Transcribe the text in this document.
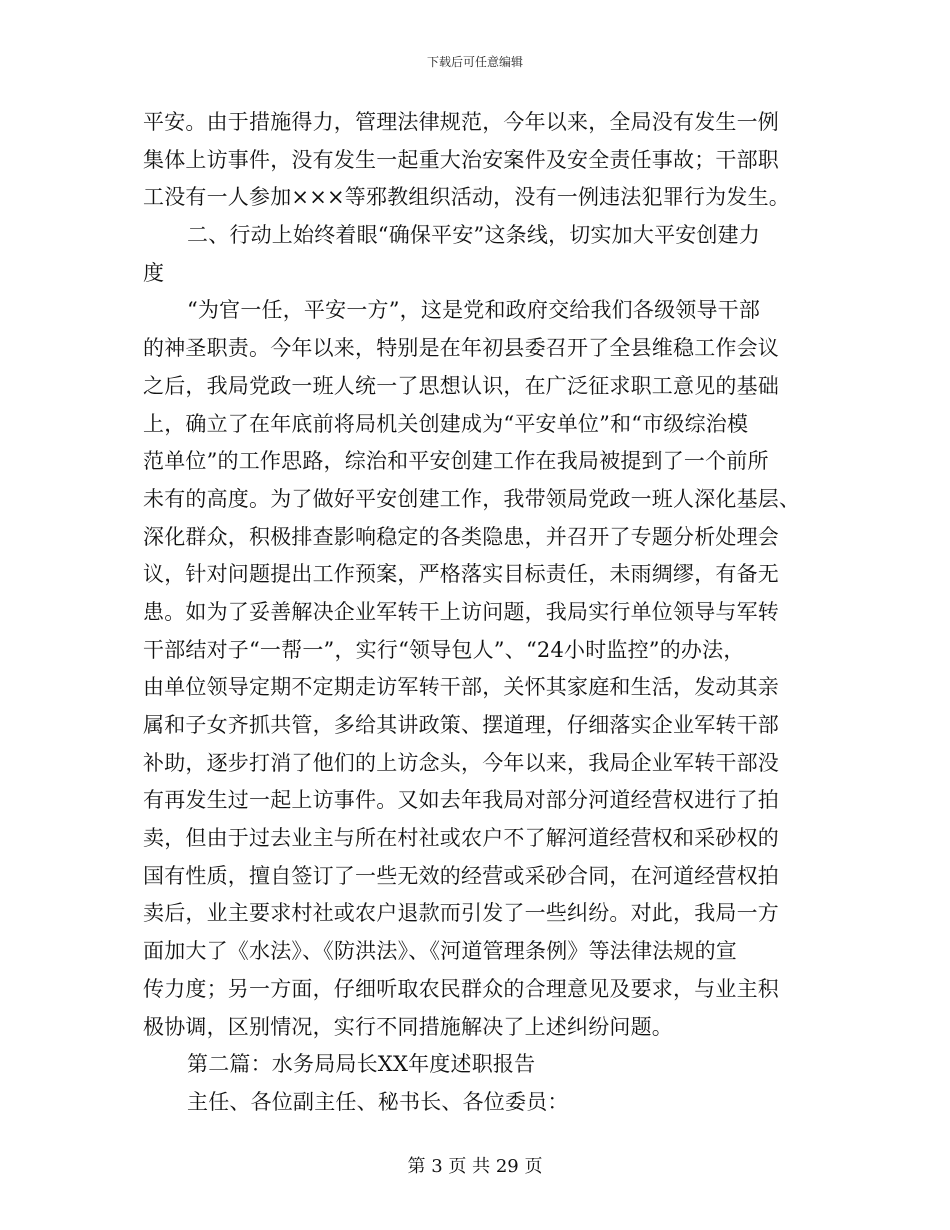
下载后可任意编辑
平安。由于措施得力，管理法律规范，今年以来，全局没有发生一例
集体上访事件，没有发生一起重大治安案件及安全责任事故；干部职
工没有一人参加×××等邪教组织活动，没有一例违法犯罪行为发生。
二、行动上始终着眼“确保平安”这条线，切实加大平安创建力
度
“为官一任，平安一方”，这是党和政府交给我们各级领导干部
的神圣职责。今年以来，特别是在年初县委召开了全县维稳工作会议
之后，我局党政一班人统一了思想认识，在广泛征求职工意见的基础
上，确立了在年底前将局机关创建成为“平安单位”和“市级综治模
范单位”的工作思路，综治和平安创建工作在我局被提到了一个前所
未有的高度。为了做好平安创建工作，我带领局党政一班人深化基层、
深化群众，积极排查影响稳定的各类隐患，并召开了专题分析处理会
议，针对问题提出工作预案，严格落实目标责任，未雨绸缪，有备无
患。如为了妥善解决企业军转干上访问题，我局实行单位领导与军转
干部结对子“一帮一”，实行“领导包人”、“24小时监控”的办法，
由单位领导定期不定期走访军转干部，关怀其家庭和生活，发动其亲
属和子女齐抓共管，多给其讲政策、摆道理，仔细落实企业军转干部
补助，逐步打消了他们的上访念头，今年以来，我局企业军转干部没
有再发生过一起上访事件。又如去年我局对部分河道经营权进行了拍
卖，但由于过去业主与所在村社或农户不了解河道经营权和采砂权的
国有性质，擅自签订了一些无效的经营或采砂合同，在河道经营权拍
卖后，业主要求村社或农户退款而引发了一些纠纷。对此，我局一方
面加大了《水法》、《防洪法》、《河道管理条例》等法律法规的宣
传力度；另一方面，仔细听取农民群众的合理意见及要求，与业主积
极协调，区别情况，实行不同措施解决了上述纠纷问题。
第二篇：水务局局长XX年度述职报告
主任、各位副主任、秘书长、各位委员：
第 3 页 共 29 页
